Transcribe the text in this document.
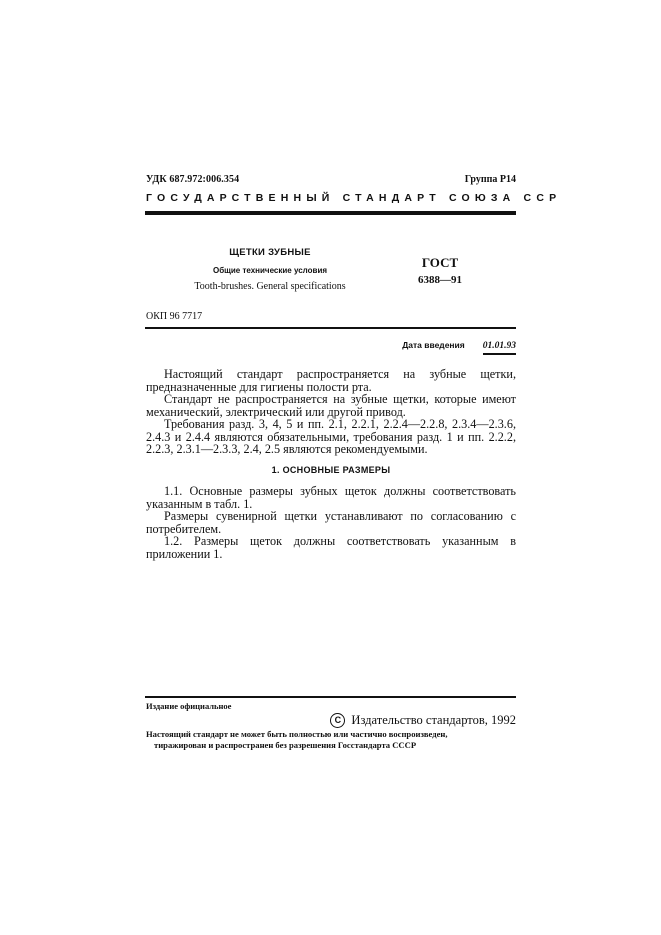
УДК 687.972:006.354	Группа Р14
ГОСУДАРСТВЕННЫЙ СТАНДАРТ СОЮЗА ССР
ЩЕТКИ ЗУБНЫЕ
Общие технические условия
Tooth-brushes. General specifications
ГОСТ
6388—91
ОКП 96 7717
Дата введения 01.01.93

Настоящий стандарт распространяется на зубные щетки, предназначенные для гигиены полости рта.

Стандарт не распространяется на зубные щетки, которые имеют механический, электрический или другой привод.

Требования разд. 3, 4, 5 и пп. 2.1, 2.2.1, 2.2.4—2.2.8, 2.3.4—2.3.6, 2.4.3 и 2.4.4 являются обязательными, требования разд. 1 и пп. 2.2.2, 2.2.3, 2.3.1—2.3.3, 2.4, 2.5 являются рекомендуемыми.

1. ОСНОВНЫЕ РАЗМЕРЫ

1.1. Основные размеры зубных щеток должны соответствовать указанным в табл. 1.

Размеры сувенирной щетки устанавливают по согласованию с потребителем.

1.2. Размеры щеток должны соответствовать указанным в приложении 1.

Издание официальное
C Издательство стандартов, 1992

Настоящий стандарт не может быть полностью или частично воспроизведен,

тиражирован и распространен без разрешения Госстандарта СССР
